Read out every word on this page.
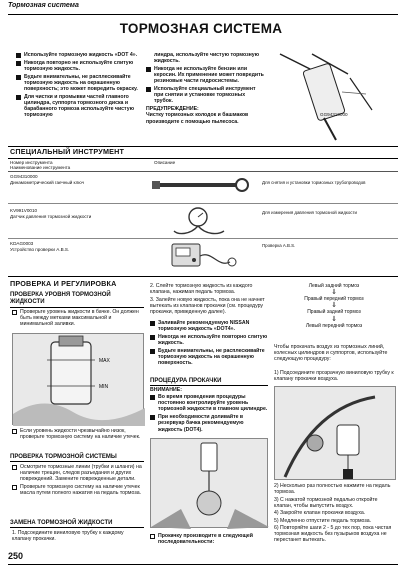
Тормозная система
ТОРМОЗНАЯ СИСТЕМА
Используйте тормозную жидкость «DOT 4».
Никогда повторно не используйте слитую тормозную жидкость.
Будьте внимательны, не расплескивайте тормозную жидкость на окрашенную поверхность; это может повредить окраску.
Для чистки и промывки частей главного цилиндра, суппорта тормозного диска и барабанного тормоза используйте чистую тормозную
линдра, используйте чистую тормозную жидкость.
Никогда не используйте бензин или керосин. Их применение может повредить резиновые части гидросистемы.
Используйте специальный инструмент при снятии и установке тормозных трубок.
ПРЕДУПРЕЖДЕНИЕ:
Чистку тормозных колодок и башмаков производите с помощью пылесоса.
GG94310000
СПЕЦИАЛЬНЫЙ ИНСТРУМЕНТ
Номер инструмента
Наименование инструмента
Описание
GG94310000
Динамометрический гаечный ключ	Для снятия и установки тормозных трубопроводов
KV991V0010
Датчик давления тормозной жидкости
Для измерения давления тормозной жидкости
KDAG0003
Устройство проверки A.B.S.
Проверка A.B.S.
ПРОВЕРКА И РЕГУЛИРОВКА
ПРОВЕРКА УРОВНЯ ТОРМОЗНОЙ ЖИДКОСТИ
Проверьте уровень жидкости в бачке. Он должен быть между метками максимальной и минимальной заливки.
MAX
MIN
Если уровень жидкости чрезвычайно низок, проверьте тормозную систему на наличие утечек.
ПРОВЕРКА ТОРМОЗНОЙ СИСТЕМЫ
Осмотрите тормозные линии (трубки и шланги) на наличие трещин, следов разъедания и других повреждений. Замените поврежденные детали.
Проверьте тормозную систему на наличие утечек масла путем полного нажатия на педаль тормоза.
ЗАМЕНА ТОРМОЗНОЙ ЖИДКОСТИ
1. Подсоедините виниловую трубку к каждому клапану прокачки.
2. Слейте тормозную жидкость из каждого клапана, нажимая педаль тормоза.
3. Залейте новую жидкость, пока она не начнет вытекать из клапанов прокачки (см. процедуру прокачки, приведенную далее).
Заливайте рекомендуемую NISSAN тормозную жидкость «DOT4».
Никогда не используйте повторно слитую жидкость.
Будьте внимательны, не расплескивайте тормозную жидкость на окрашенную поверхность.
ПРОЦЕДУРА ПРОКАЧКИ
ВНИМАНИЕ:
Во время проведения процедуры постоянно контролируйте уровень тормозной жидкости в главном цилиндре.
При необходимости доливайте в резервуар бачка рекомендуемую жидкость (DOT4).
Прокачку производите в следующей последовательности:
Левый задний тормоз
⇓
Правый передний тормоз
⇓
Правый задний тормоз
⇓
Левый передний тормоз
Чтобы прокачать воздух из тормозных линий, колесных цилиндров и суппортов, используйте следующую процедуру:
1) Подсоедините прозрачную виниловую трубку к клапану прокачки воздуха.
2) Несколько раз полностью нажмите на педаль тормоза.
3) С нажатой тормозной педалью откройте клапан, чтобы выпустить воздух.
4) Закройте клапан прокачки воздуха.
5) Медленно отпустите педаль тормоза.
6) Повторяйте шаги 2 - 5 до тех пор, пока чистая тормозная жидкость без пузырьков воздуха не перестанет вытекать.
250
